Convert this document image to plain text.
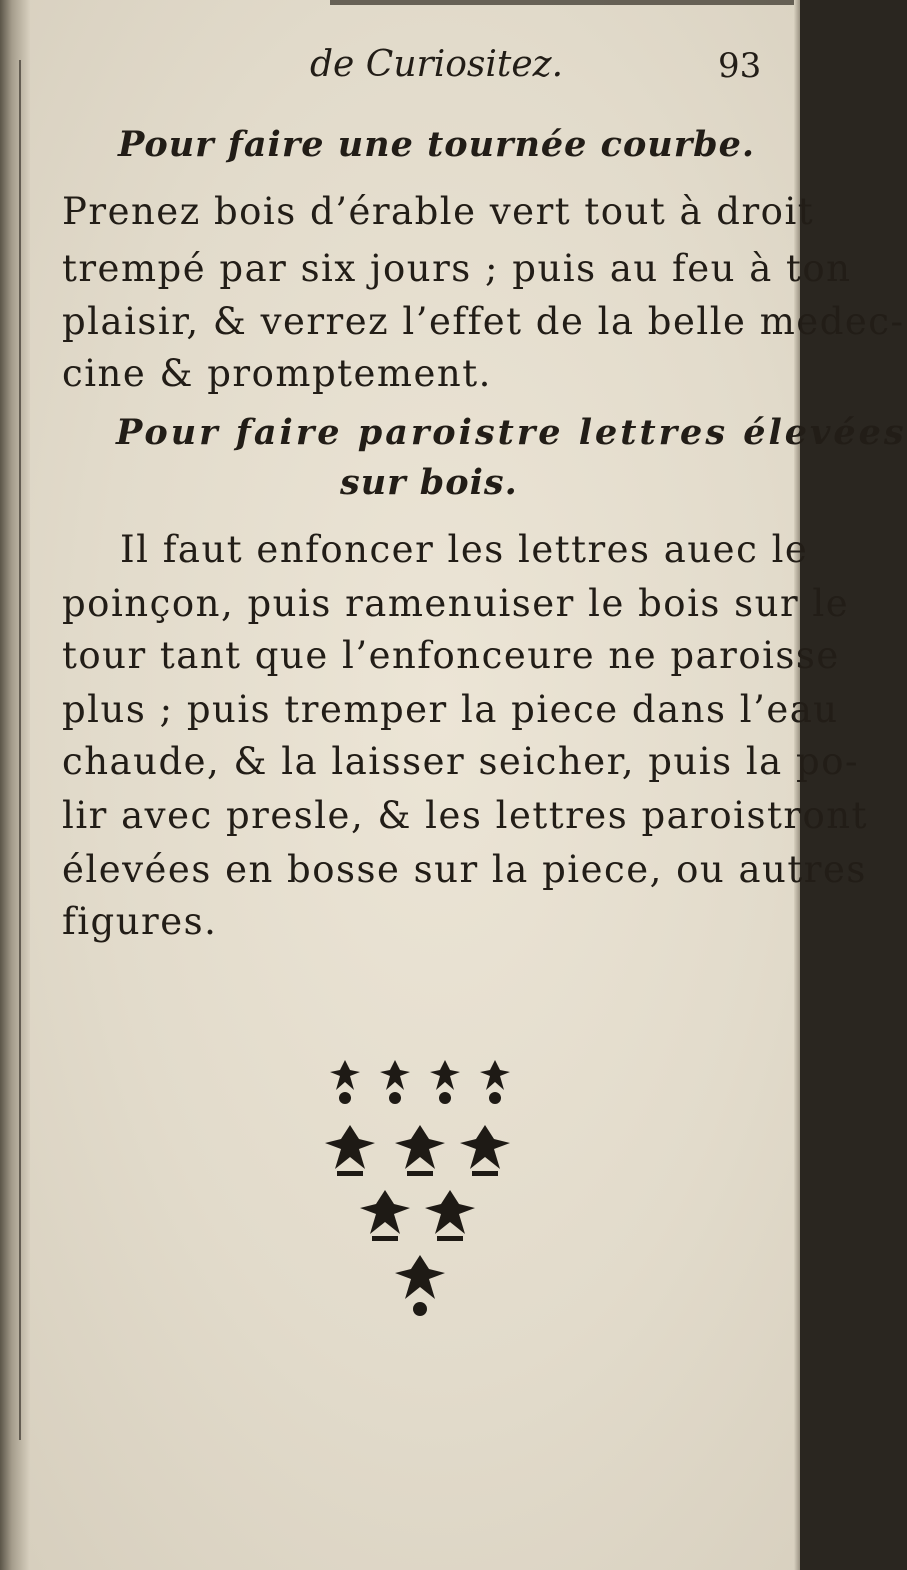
de Curiositez.	93
Pour faire une tournée courbe.
Prenez bois d’érable vert tout à droit
trempé par six jours ; puis au feu à ton
plaisir, & verrez l’effet de la belle medec-
cine & promptement.
Pour faire paroistre lettres élevées
sur bois.
Il faut enfoncer les lettres auec le
poinçon, puis ramenuiser le bois sur le
tour tant que l’enfonceure ne paroisse
plus ; puis tremper la piece dans l’eau
chaude, & la laisser seicher, puis la po-
lir avec presle, & les lettres paroistront
élevées en bosse sur la piece, ou autres
figures.
